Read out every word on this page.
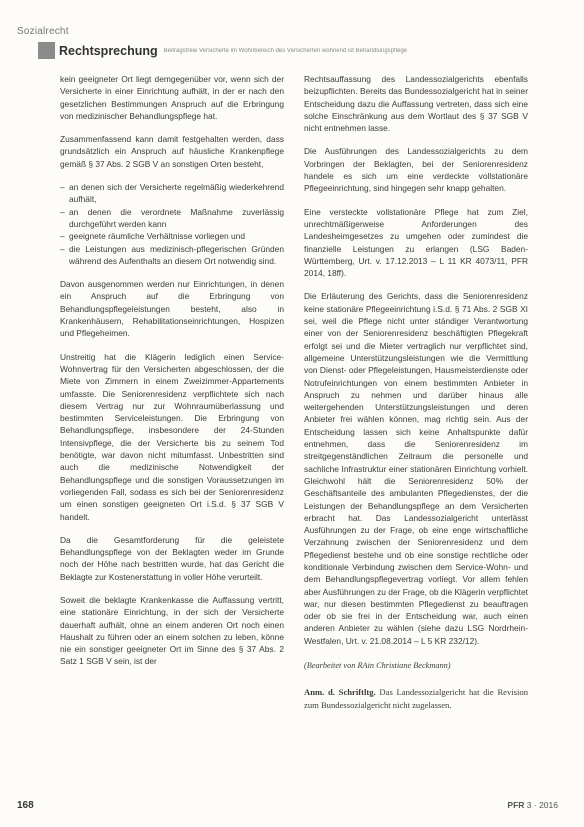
Sozialrecht
Rechtsprechung Beitragsfreie Versicherte im Wohnbereich des Versicherten wohnend ist Behandlungspflege

kein geeigneter Ort liegt demgegenüber vor, wenn sich der Versicherte in einer Einrichtung aufhält, in der er nach den gesetzlichen Bestimmungen Anspruch auf die Erbringung von medizinischer Behandlungspflege hat.

Zusammenfassend kann damit festgehalten werden, dass grundsätzlich ein Anspruch auf häusliche Krankenpflege gemäß § 37 Abs. 2 SGB V an sonstigen Orten besteht,

– an denen sich der Versicherte regelmäßig wiederkehrend aufhält,
– an denen die verordnete Maßnahme zuverlässig durchgeführt werden kann
– geeignete räumliche Verhältnisse vorliegen und
– die Leistungen aus medizinisch-pflegerischen Gründen während des Aufenthalts an diesem Ort notwendig sind.

Davon ausgenommen werden nur Einrichtungen, in denen ein Anspruch auf die Erbringung von Behandlungspflegeleistungen besteht, also in Krankenhäusern, Rehabilitationseinrichtungen, Hospizen und Pflegeheimen.

Unstreitig hat die Klägerin lediglich einen Service-Wohnvertrag für den Versicherten abgeschlossen, der die Miete von Zimmern in einem Zweizimmer-Appartements umfasste. Die Seniorenresidenz verpflichtete sich nach diesem Vertrag nur zur Wohnraumüberlassung und bestimmten Serviceleistungen. Die Erbringung von Behandlungspflege, insbesondere der 24-Stunden Intensivpflege, die der Versicherte bis zu seinem Tod benötigte, war davon nicht mitumfasst. Unbestritten sind auch die medizinische Notwendigkeit der Behandlungspflege und die sonstigen Voraussetzungen im vorliegenden Fall, sodass es sich bei der Seniorenresidenz um einen sonstigen geeigneten Ort i.S.d. § 37 SGB V handelt.

Da die Gesamtforderung für die geleistete Behandlungspflege von der Beklagten weder im Grunde noch der Höhe nach bestritten wurde, hat das Gericht die Beklagte zur Kostenerstattung in voller Höhe verurteilt.

Soweit die beklagte Krankenkasse die Auffassung vertritt, eine stationäre Einrichtung, in der sich der Versicherte dauerhaft aufhält, ohne an einem anderen Ort noch einen Haushalt zu führen oder an einem solchen zu leben, könne nie ein sonstiger geeigneter Ort im Sinne des § 37 Abs. 2 Satz 1 SGB V sein, ist der

Rechtsauffassung des Landessozialgerichts ebenfalls beizupflichten. Bereits das Bundessozialgericht hat in seiner Entscheidung dazu die Auffassung vertreten, dass sich eine solche Einschränkung aus dem Wortlaut des § 37 SGB V nicht entnehmen lasse.

Die Ausführungen des Landessozialgerichts zu dem Vorbringen der Beklagten, bei der Seniorenresidenz handele es sich um eine verdeckte vollstationäre Pflegeeinrichtung, sind hingegen sehr knapp gehalten.

Eine versteckte vollstationäre Pflege hat zum Ziel, unrechtmäßigerweise Anforderungen des Landesheimgesetzes zu umgehen oder zumindest die finanzielle Leistungen zu erlangen (LSG Baden-Württemberg, Urt. v. 17.12.2013 – L 11 KR 4073/11, PFR 2014, 18ff).

Die Erläuterung des Gerichts, dass die Seniorenresidenz keine stationäre Pflegeeinrichtung i.S.d. § 71 Abs. 2 SGB XI sei, weil die Pflege nicht unter ständiger Verantwortung einer von der Seniorenresidenz beschäftigten Pflegekraft erfolgt sei und die Mieter vertraglich nur verpflichtet sind, allgemeine Unterstützungsleistungen wie die Vermittlung von Dienst- oder Pflegeleistungen, Hausmeisterdienste oder Notrufeinrichtungen von einem bestimmten Anbieter in Anspruch zu nehmen und darüber hinaus alle weitergehenden Unterstützungsleistungen und deren Anbieter frei wählen können, mag richtig sein. Aus der Entscheidung lassen sich keine Anhaltspunkte dafür entnehmen, dass die Seniorenresidenz im streitgegenständlichen Zeitraum die personelle und sachliche Infrastruktur einer stationären Einrichtung vorhielt. Gleichwohl hält die Seniorenresidenz 50% der Geschäftsanteile des ambulanten Pflegedienstes, der die Leistungen der Behandlungspflege an dem Versicherten erbracht hat. Das Landessozialgericht unterlässt Ausführungen zu der Frage, ob eine enge wirtschaftliche Verzahnung zwischen der Seniorenresidenz und dem Pflegedienst bestehe und ob eine sonstige rechtliche oder konditionale Verbindung zwischen dem Service-Wohn- und dem Behandlungspflegevertrag vorliegt. Vor allem fehlen aber Ausführungen zu der Frage, ob die Klägerin verpflichtet war, nur diesen bestimmten Pflegedienst zu beauftragen oder ob sie frei in der Entscheidung war, auch einen anderen Anbieter zu wählen (siehe dazu LSG Nordrhein-Westfalen, Urt. v. 21.08.2014 – L 5 KR 232/12).

(Bearbeitet von RAin Christiane Beckmann)

Anm. d. Schriftltg. Das Landessozialgericht hat die Revision zum Bundessozialgericht nicht zugelassen.

168	PFR 3 · 2016
